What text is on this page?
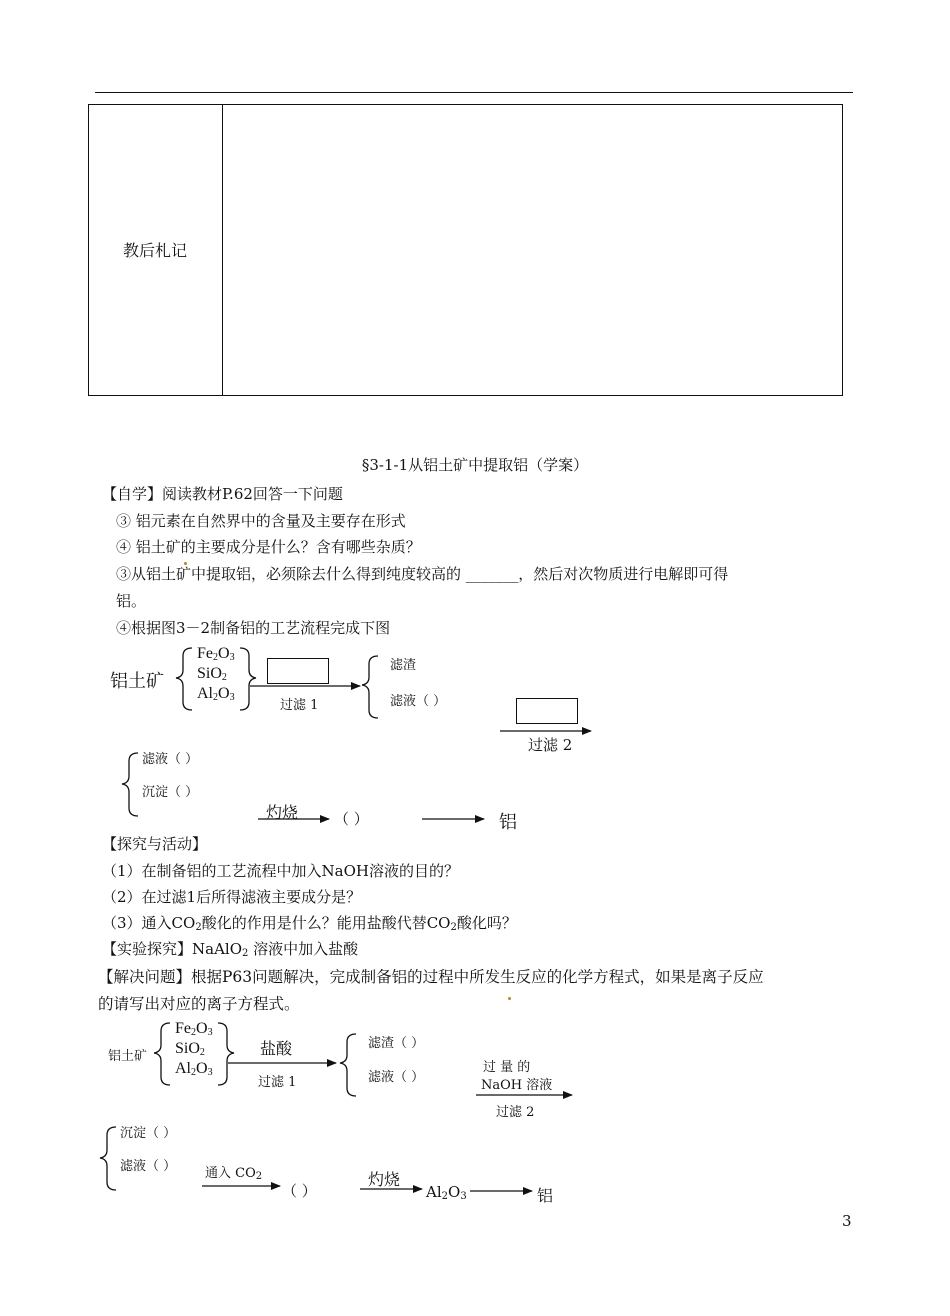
教后札记
§3-1-1从铝土矿中提取铝（学案）
【自学】阅读教材P.62回答一下问题
③ 铝元素在自然界中的含量及主要存在形式
④ 铝土矿的主要成分是什么？含有哪些杂质？
③从铝土矿中提取铝，必须除去什么得到纯度较高的 _______，然后对次物质进行电解即可得
铝。
④根据图3－2制备铝的工艺流程完成下图
铝土矿
$Fe_2O_3$
SiO$_2$
$Al_2O_3$
过滤 1
滤渣
滤液（ ）
过滤 2
滤液（ ）
沉淀（ ）
灼烧 （ ）	铝
【探究与活动】
（1）在制备铝的工艺流程中加入NaOH溶液的目的？
（2）在过滤1后所得滤液主要成分是？
（3）通入$CO_2$酸化的作用是什么？能用盐酸代替$CO_2$酸化吗？
【实验探究】NaAlO$_2$ 溶液中加入盐酸
【解决问题】根据P63问题解决，完成制备铝的过程中所发生反应的化学方程式，如果是离子反应
的请写出对应的离子方程式。
铝土矿
$Fe_2O_3$
SiO$_2$
$Al_2O_3$
盐酸
过滤 1
滤渣（ ）
滤液（ ）
过 量 的
NaOH 溶液
过滤 2
沉淀（ ）
滤液（ ） 通入 $CO_2$
（ ）
灼烧
$Al_2O_3$	铝
3
